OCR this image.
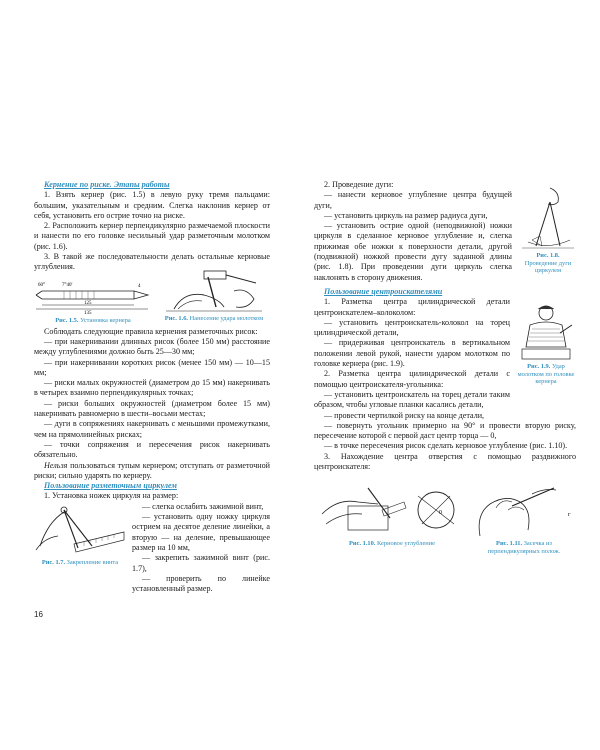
Кернение по риске. Этапы работы

1. Взять кернер (рис. 1.5) в левую руку тремя пальцами: большим, указательным и средним. Слегка наклонив кернер от себя, установить его острие точно на риске.

2. Расположить кернер перпендикулярно размечаемой плоскости и нанести по его головке несильный удар разметочным молотком (рис. 1.6).

3. В такой же последовательности делать остальные керновые углубления.

60°	7°40'
135
125
4
Рис. 1.5. Установка кернера	Рис. 1.6. Нанесение удара молотком

Соблюдать следующие правила кернения разметочных рисок:

— при накернивании длинных рисок (более 150 мм) расстояние между углублениями должно быть 25—30 мм;

— при накернивании коротких рисок (менее 150 мм) — 10—15 мм;

— риски малых окружностей (диаметром до 15 мм) накернивать в четырех взаимно перпендикулярных точках;

— риски больших окружностей (диаметром более 15 мм) накернивать равномерно в шести–восьми местах;

— дуги в сопряжениях накернивать с меньшими промежутками, чем на прямолинейных рисках;

— точки сопряжения и пересечения рисок накернивать обязательно.

Нельзя пользоваться тупым кернером; отступать от разметочной риски; сильно ударять по кернеру.

Пользование разметочным циркулем

1. Установка ножек циркуля на размер:

Рис. 1.7. Закрепление винта

— слегка ослабить зажимной винт,

— установить одну ножку циркуля острием на десятое деление линейки, а вторую — на деление, превышающее размер на 10 мм,

— закрепить зажимной винт (рис. 1.7),

— проверить по линейке установленный размер.

Рис. 1.8. Проведение дуги циркулем

2. Проведение дуги:

— нанести керновое углубление центра будущей дуги,

— установить циркуль на размер радиуса дуги,

— установить острие одной (неподвижной) ножки циркуля в сделанное керновое углубление и, слегка прижимая обе ножки к поверхности детали, другой (подвижной) ножкой провести дугу заданной длины (рис. 1.8). При проведении дуги циркуль слегка наклонять в сторону движения.

Рис. 1.9. Удар молотком по головке кернера

Пользование центроискателями

1. Разметка центра цилиндрической детали центроискателем–колоколом:

— установить центроискатель-колокол на торец цилиндрической детали,

— придерживая центроискатель в вертикальном положении левой рукой, нанести ударом молотком по головке кернера (рис. 1.9).

2. Разметка центра цилиндрической детали с помощью центроискателя-угольника:

— установить центроискатель на торец детали таким образом, чтобы угловые планки касались детали,

— провести чертилкой риску на конце детали,

— повернуть угольник примерно на 90° и провести вторую риску, пересечение которой с первой даст центр торца — 0,

— в точке пересечения рисок сделать керновое углубление (рис. 1.10).

3. Нахождение центра отверстия с помощью раздвижного центроискателя:

0
Рис. 1.10. Керновое углубление
г
Рис. 1.11. Засечка из перпендикулярных полож.
16
